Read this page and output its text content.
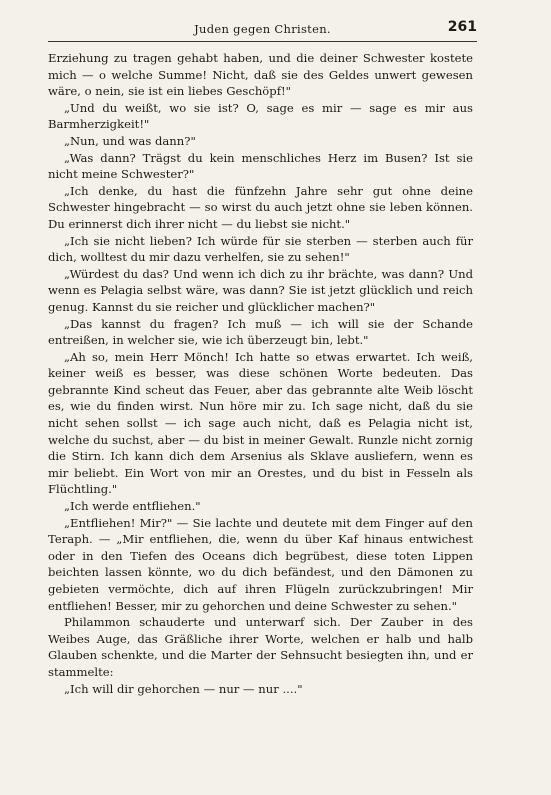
Juden gegen Christen.	261

Erziehung zu tragen gehabt haben, und die deiner Schwester kostete mich — o welche Summe! Nicht, daß sie des Geldes unwert gewesen wäre, o nein, sie ist ein liebes Geschöpf!"

„Und du weißt, wo sie ist? O, sage es mir — sage es mir aus Barmherzigkeit!"

„Nun, und was dann?"

„Was dann? Trägst du kein menschliches Herz im Busen? Ist sie nicht meine Schwester?"

„Ich denke, du hast die fünfzehn Jahre sehr gut ohne deine Schwester hingebracht — so wirst du auch jetzt ohne sie leben können. Du erinnerst dich ihrer nicht — du liebst sie nicht."

„Ich sie nicht lieben? Ich würde für sie sterben — sterben auch für dich, wolltest du mir dazu verhelfen, sie zu sehen!"

„Würdest du das? Und wenn ich dich zu ihr brächte, was dann? Und wenn es Pelagia selbst wäre, was dann? Sie ist jetzt glücklich und reich genug. Kannst du sie reicher und glücklicher machen?"

„Das kannst du fragen? Ich muß — ich will sie der Schande entreißen, in welcher sie, wie ich überzeugt bin, lebt."

„Ah so, mein Herr Mönch! Ich hatte so etwas erwartet. Ich weiß, keiner weiß es besser, was diese schönen Worte bedeuten. Das gebrannte Kind scheut das Feuer, aber das gebrannte alte Weib löscht es, wie du finden wirst. Nun höre mir zu. Ich sage nicht, daß du sie nicht sehen sollst — ich sage auch nicht, daß es Pelagia nicht ist, welche du suchst, aber — du bist in meiner Gewalt. Runzle nicht zornig die Stirn. Ich kann dich dem Arsenius als Sklave ausliefern, wenn es mir beliebt. Ein Wort von mir an Orestes, und du bist in Fesseln als Flüchtling."

„Ich werde entfliehen."

„Entfliehen! Mir?" — Sie lachte und deutete mit dem Finger auf den Teraph. — „Mir entfliehen, die, wenn du über Kaf hinaus entwichest oder in den Tiefen des Oceans dich begrübest, diese toten Lippen beichten lassen könnte, wo du dich befändest, und den Dämonen zu gebieten vermöchte, dich auf ihren Flügeln zurückzubringen! Mir entfliehen! Besser, mir zu gehorchen und deine Schwester zu sehen."

Philammon schauderte und unterwarf sich. Der Zauber in des Weibes Auge, das Gräßliche ihrer Worte, welchen er halb und halb Glauben schenkte, und die Marter der Sehnsucht besiegten ihn, und er stammelte:

„Ich will dir gehorchen — nur — nur ...."
